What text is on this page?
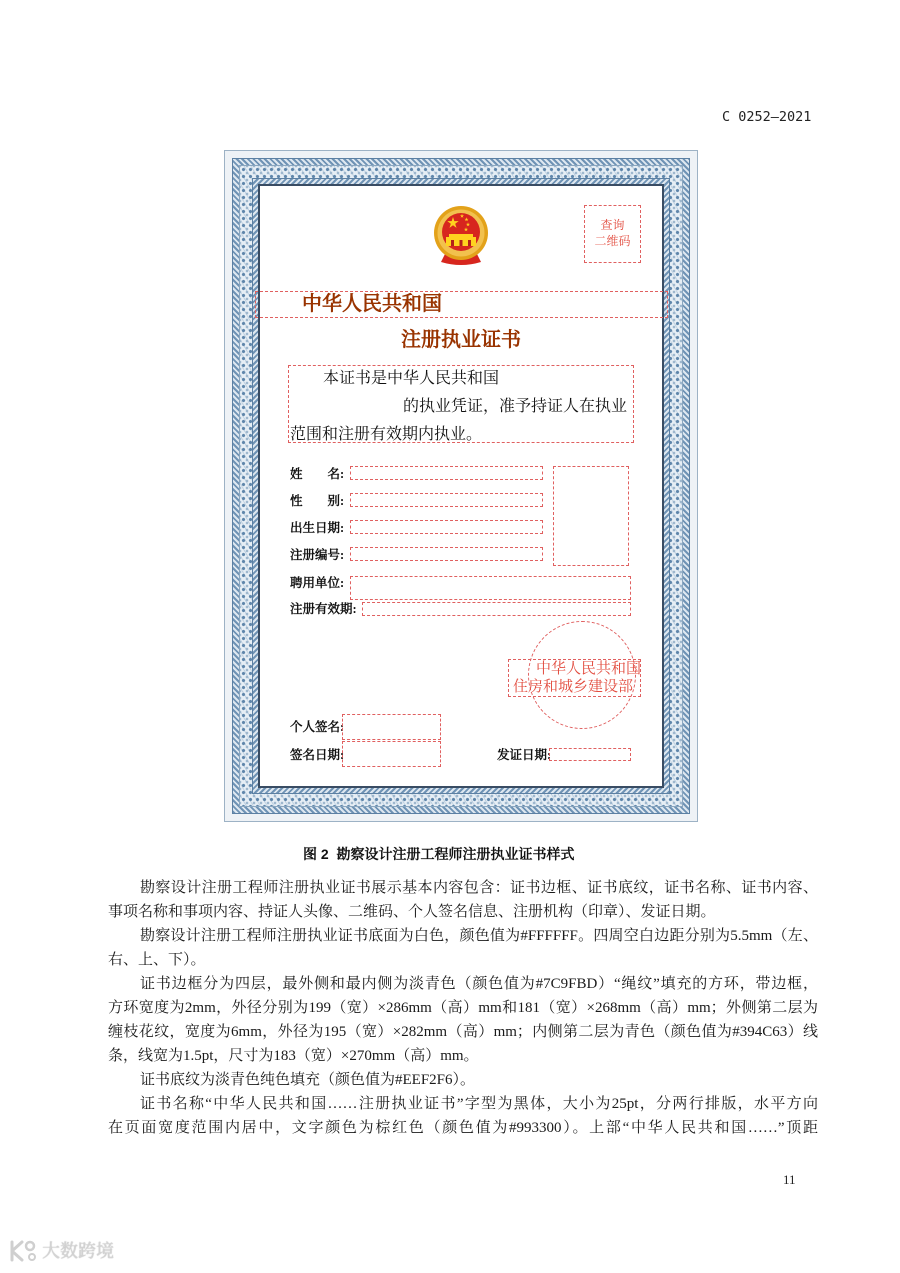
C 0252—2021
查询
二维码
中华人民共和国
注册执业证书
本证书是中华人民共和国
的执业凭证，准予持证人在执业
范围和注册有效期内执业。
姓　　名:
性　　别:
出生日期:
注册编号:
聘用单位:
注册有效期:
中华人民共和国
住房和城乡建设部
个人签名:
签名日期:	发证日期:
图 2  勘察设计注册工程师注册执业证书样式
勘察设计注册工程师注册执业证书展示基本内容包含：证书边框、证书底纹，证书名称、证书内容、
事项名称和事项内容、持证人头像、二维码、个人签名信息、注册机构（印章）、发证日期。
勘察设计注册工程师注册执业证书底面为白色，颜色值为#FFFFFF。四周空白边距分别为5.5mm（左、
右、上、下）。
证书边框分为四层，最外侧和最内侧为淡青色（颜色值为#7C9FBD）“绳纹”填充的方环，带边框，
方环宽度为2mm，外径分别为199（宽）×286mm（高）mm和181（宽）×268mm（高）mm；外侧第二层为
缠枝花纹，宽度为6mm，外径为195（宽）×282mm（高）mm；内侧第二层为青色（颜色值为#394C63）线
条，线宽为1.5pt，尺寸为183（宽）×270mm（高）mm。
证书底纹为淡青色纯色填充（颜色值为#EEF2F6）。
证书名称“中华人民共和国……注册执业证书”字型为黑体，大小为25pt，分两行排版，水平方向
在页面宽度范围内居中，文字颜色为棕红色（颜色值为#993300）。上部“中华人民共和国……”顶距
11
大数跨境
